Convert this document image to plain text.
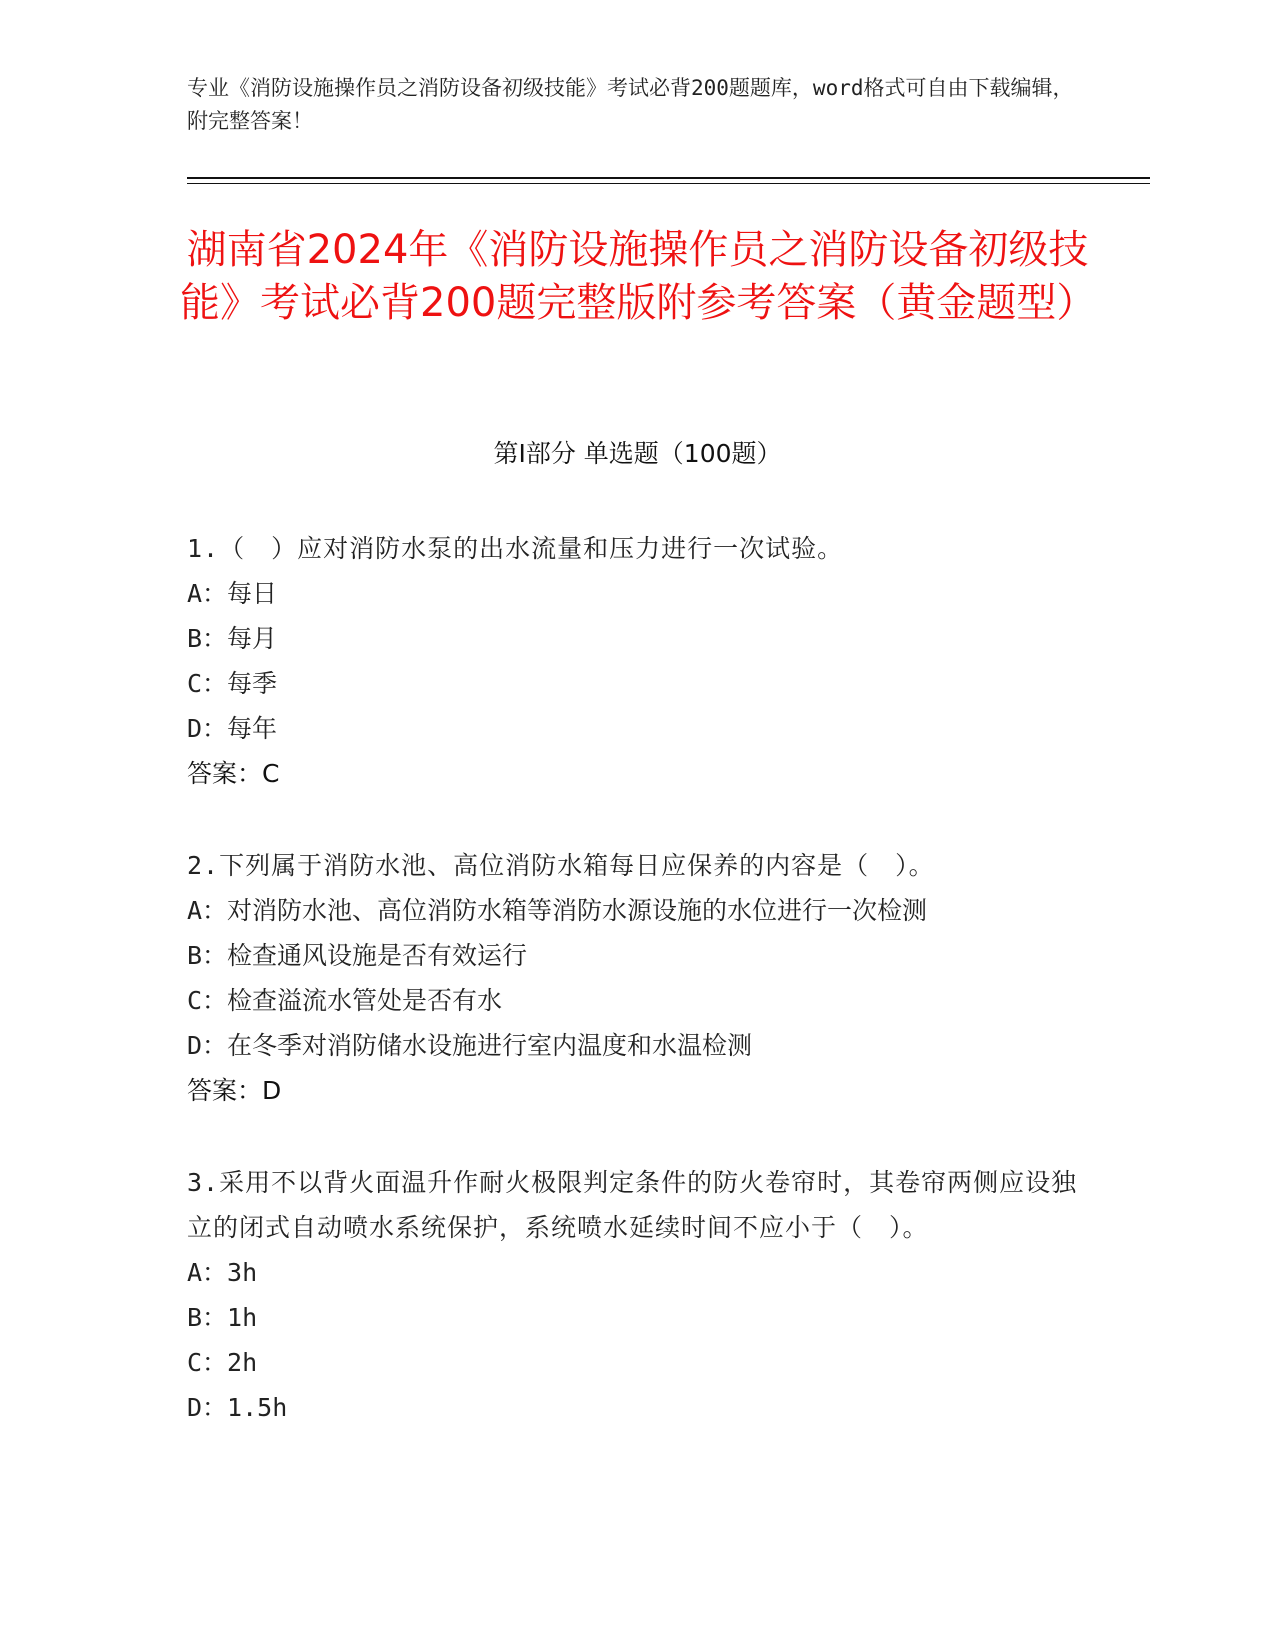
专业《消防设施操作员之消防设备初级技能》考试必背200题题库，word格式可自由下载编辑，附完整答案！
湖南省2024年《消防设施操作员之消防设备初级技能》考试必背200题完整版附参考答案（黄金题型）
第Ⅰ部分 单选题（100题）
1.（　）应对消防水泵的出水流量和压力进行一次试验。
A：每日
B：每月
C：每季
D：每年
答案：C
2.下列属于消防水池、高位消防水箱每日应保养的内容是（　）。
A：对消防水池、高位消防水箱等消防水源设施的水位进行一次检测
B：检查通风设施是否有效运行
C：检查溢流水管处是否有水
D：在冬季对消防储水设施进行室内温度和水温检测
答案：D
3.采用不以背火面温升作耐火极限判定条件的防火卷帘时，其卷帘两侧应设独立的闭式自动喷水系统保护，系统喷水延续时间不应小于（　）。
A：3h
B：1h
C：2h
D：1.5h
